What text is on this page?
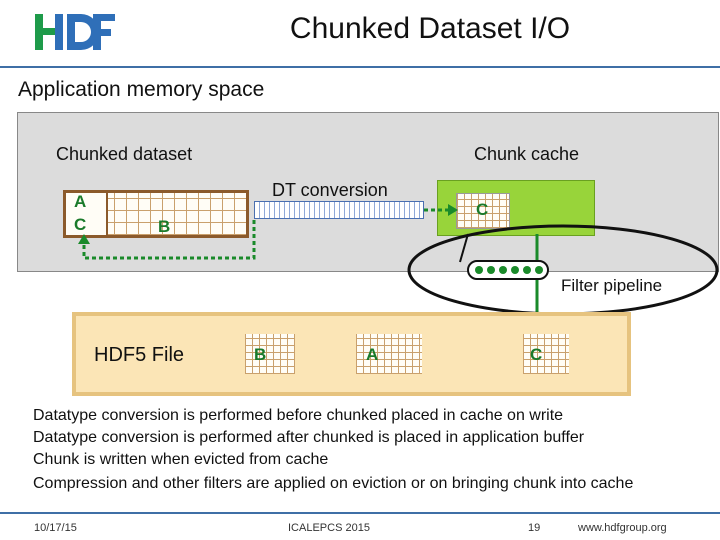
Chunked Dataset I/O
Application memory space
Chunked dataset	Chunk cache
DT conversion
A
C	B
C
Filter pipeline
HDF5 File	B	A	C
Datatype conversion is performed before chunked placed in cache on write
Datatype conversion is performed after chunked is placed in application buffer
Chunk is written when evicted from cache
Compression and other filters are applied on eviction or on bringing chunk into cache
10/17/15	ICALEPCS 2015	19	www.hdfgroup.org
